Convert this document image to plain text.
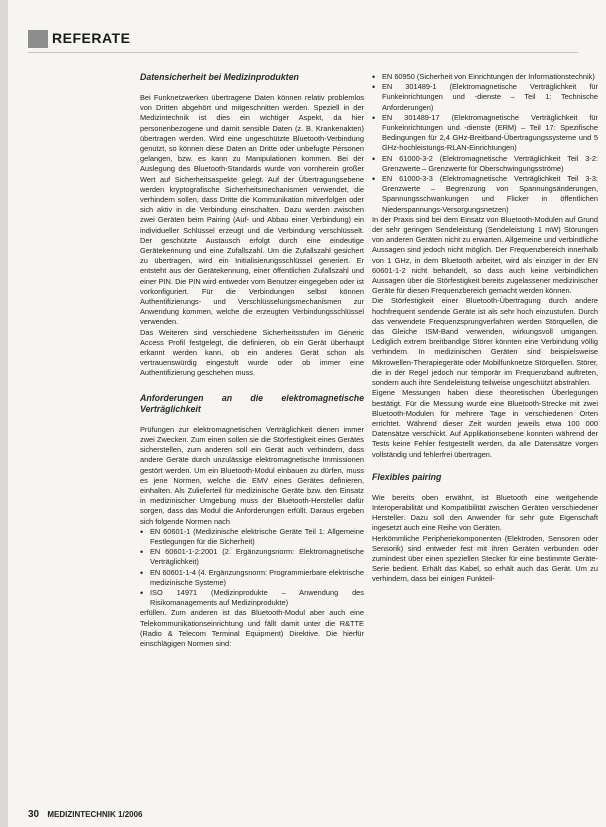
REFERATE
Datensicherheit bei Medizinprodukten

Bei Funknetzwerken übertragene Daten können relativ problemlos von Dritten abgehört und mitgeschnitten werden. Speziell in der Medizintechnik ist dies ein wichtiger Aspekt, da hier personenbezogene und damit sensible Daten (z. B. Krankenakten) übertragen werden. Wird eine ungeschützte Bluetooth-Verbindung genutzt, so können diese Daten an Dritte oder unbefugte Personen gelangen, bzw. es kann zu Manipulationen kommen. Bei der Auslegung des Bluetooth-Standards wurde von vornherein großer Wert auf Sicherheitsaspekte gelegt. Auf der Übertragungsebene werden kryptografische Sicherheitsmechanismen verwendet, die verhindern sollen, dass Dritte die Kommunikation mitverfolgen oder sich aktiv in die Verbindung einschalten. Dazu werden zwischen zwei Geräten beim Pairing (Auf- und Abbau einer Verbindung) ein individueller Schlüssel erzeugt und die Verbindung verschlüsselt. Der geschützte Austausch erfolgt durch eine eindeutige Gerätekennung und eine Zufallszahl. Um die Zufallszahl gesichert zu übertragen, wird ein Initialisierungsschlüssel generiert. Er entsteht aus der Gerätekennung, einer öffentlichen Zufallszahl und einer PIN. Die PIN wird entweder vom Benutzer eingegeben oder ist vorkonfiguriert. Für die Verbindungen selbst können Authentifizierungs- und Verschlüsselungsmechanismen zur Anwendung kommen, welche die erzeugten Verbindungsschlüssel verwenden.

Das Weiteren sind verschiedene Sicherheitsstufen im Generic Access Profil festgelegt, die definieren, ob ein Gerät überhaupt erkannt werden kann, ob ein anderes Gerät schon als vertrauenswürdig eingestuft wurde oder ob immer eine Authentifizierung geschehen muss.

Anforderungen an die elektromagnetische Verträglichkeit

Prüfungen zur elektromagnetischen Verträglichkeit dienen immer zwei Zwecken. Zum einen sollen sie die Störfestigkeit eines Gerätes sicherstellen, zum anderen soll ein Gerät auch verhindern, dass andere Geräte durch unzulässige elektromagnetische Immissionen gestört werden. Um ein Bluetooth-Modul einbauen zu dürfen, muss es jene Normen, welche die EMV eines Gerätes definieren, einhalten. Als Zulieferteil für medizinische Geräte bzw. den Einsatz in medizinischer Umgebung muss der Bluetooth-Hersteller dafür sorgen, dass das Modul die Anforderungen erfüllt. Daraus ergeben sich folgende Normen nach

• EN 60601-1 (Medizinische elektrische Geräte Teil 1: Allgemeine Festlegungen für die Sicherheit)
• EN 60601-1-2:2001 (2. Ergänzungsnorm: Elektromagnetische Verträglichkeit)
• EN 60601-1-4 (4. Ergänzungsnorm: Programmierbare elektrische medizinische Systeme)
• ISO 14971 (Medizinprodukte – Anwendung des Risikomanagements auf Medizinprodukte)

erfüllen. Zum anderen ist das Bluetooth-Modul aber auch eine Telekommunikationseinrichtung und fällt damit unter die R&TTE (Radio & Telecom Terminal Equipment) Direktive. Die hierfür einschlägigen Normen sind:

• EN 60950 (Sicherheit von Einrichtungen der Informationstechnik)
• EN 301489-1 (Elektromagnetische Verträglichkeit für Funkeinrichtungen und -dienste – Teil 1: Technische Anforderungen)
• EN 301489-17 (Elektromagnetische Verträglichkeit für Funkeinrichtungen und -dienste (ERM) – Teil 17: Spezifische Bedingungen für 2,4 GHz-Breitband-Übertragungssysteme und 5 GHz-hochleistungs-RLAN-Einrichtungen)
• EN 61000-3-2 (Elektromagnetische Verträglichkeit Teil 3-2: Grenzwerte – Grenzwerte für Oberschwingungsströme)
• EN 61000-3-3 (Elektromagnetische Verträglichkeit Teil 3-3: Grenzwerte – Begrenzung von Spannungsänderungen, Spannungsschwankungen und Flicker in öffentlichen Niederspannungs-Versorgungsnetzen)

In der Praxis sind bei dem Einsatz von Bluetooth-Modulen auf Grund der sehr geringen Sendeleistung (Sendeleistung 1 mW) Störungen von anderen Geräten nicht zu erwarten. Allgemeine und verbindliche Aussagen sind jedoch nicht möglich. Der Frequenzbereich innerhalb von 1 GHz, in dem Bluetooth arbeitet, wird als einziger in der EN 60601-1-2 nicht behandelt, so dass auch keine verbindlichen Aussagen über die Störfestigkeit bereits zugelassener medizinischer Geräte für diesen Frequenzbereich gemacht werden können.

Die Störfestigkeit einer Bluetooth-Übertragung durch andere hochfrequent sendende Geräte ist als sehr hoch einzustufen. Durch das verwendete Frequenzsprungverfahren werden Störquellen, die das Gleiche ISM-Band verwenden, wirkungsvoll umgangen. Lediglich extrem breitbandige Störer könnten eine Verbindung völlig verhindern. In medizinischen Geräten sind beispielsweise Mikrowellen-Therapiegeräte oder Mobilfunknetze Störquellen. Störer, die in der Regel jedoch nur temporär im Frequenzband auftreten, sondern auch ihre Sendeleistung teilweise ungeschützt abstrahlen.

Eigene Messungen haben diese theoretischen Überlegungen bestätigt. Für die Messung wurde eine Bluetooth-Strecke mit zwei Bluetooth-Modulen für mehrere Tage in verschiedenen Orten errichtet. Während dieser Zeit wurden jeweils etwa 100 000 Datensätze verschickt. Auf Applikationsebene konnten während der Tests keine Fehler festgestellt werden, da alle Datensätze vorgen vollständig und fehlerfrei übertragen.

Flexibles pairing

Wie bereits oben erwähnt, ist Bluetooth eine weitgehende Interoperabilität und Kompatibilität zwischen Geräten verschiedener Hersteller. Dazu soll den Anwender für sehr gute Eigenschaft ingesetzt auch eine Reihe von Geräten.

Herkömmliche Peripheriekomponenten (Elektroden, Sensoren oder Sensorik) sind entweder fest mit ihren Geräten verbunden oder zumindest über einen speziellen Stecker für eine bestimmte Geräte-Serie bedient. Erhält das Kabel, so erhält auch das Gerät. Um zu verhindern, dass bei einigen Funkteil-

30 MEDIZINTECHNIK 1/2006
